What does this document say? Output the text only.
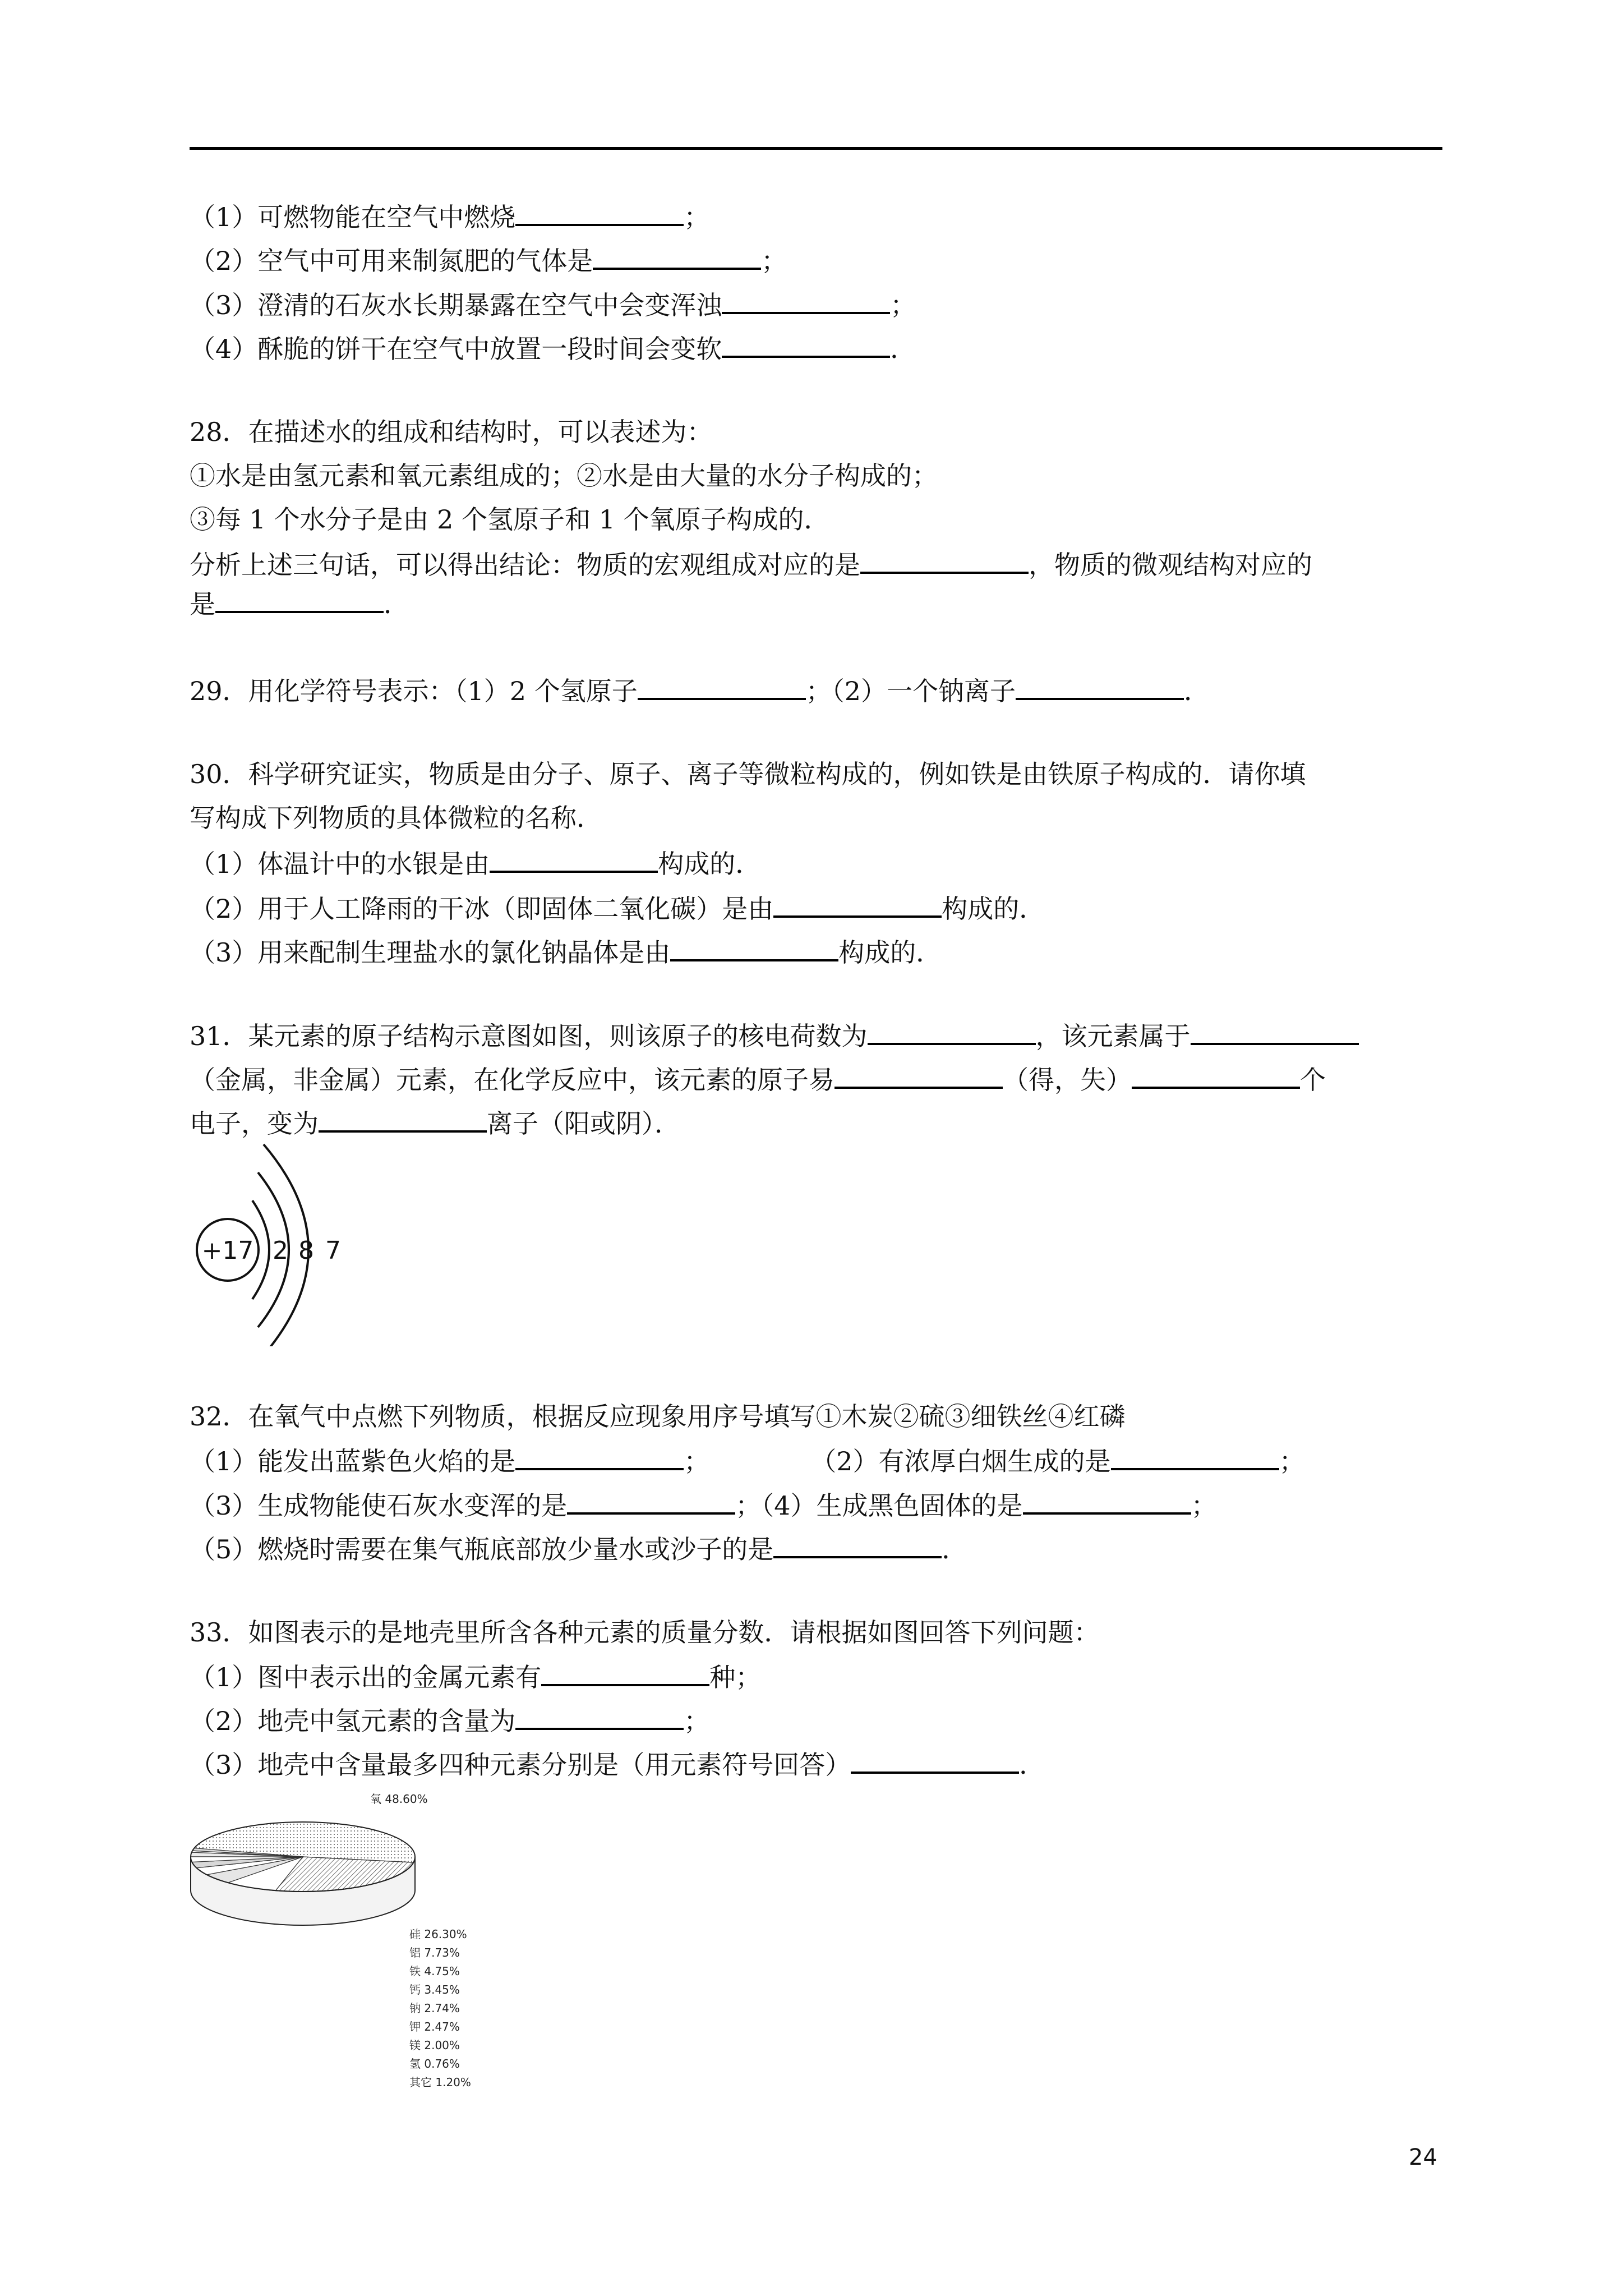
（1）可燃物能在空气中燃烧	；
（2）空气中可用来制氮肥的气体是	；
（3）澄清的石灰水长期暴露在空气中会变浑浊	；
（4）酥脆的饼干在空气中放置一段时间会变软	．
28．在描述水的组成和结构时，可以表述为：
①水是由氢元素和氧元素组成的；②水是由大量的水分子构成的；
③每 1 个水分子是由 2 个氢原子和 1 个氧原子构成的．
分析上述三句话，可以得出结论：物质的宏观组成对应的是	，物质的微观结构对应的
是	．
29．用化学符号表示：（1）2 个氢原子	；（2）一个钠离子	．
30．科学研究证实，物质是由分子、原子、离子等微粒构成的，例如铁是由铁原子构成的．请你填
写构成下列物质的具体微粒的名称．
（1）体温计中的水银是由	构成的．
（2）用于人工降雨的干冰（即固体二氧化碳）是由	构成的．
（3）用来配制生理盐水的氯化钠晶体是由	构成的．
31．某元素的原子结构示意图如图，则该原子的核电荷数为	，该元素属于
（金属，非金属）元素，在化学反应中，该元素的原子易	（得，失）	个
电子，变为	离子（阳或阴）．
+17 2 8 7
32．在氧气中点燃下列物质，根据反应现象用序号填写①木炭②硫③细铁丝④红磷
（1）能发出蓝紫色火焰的是	；	（2）有浓厚白烟生成的是	；
（3）生成物能使石灰水变浑的是	；（4）生成黑色固体的是	；
（5）燃烧时需要在集气瓶底部放少量水或沙子的是	．
33．如图表示的是地壳里所含各种元素的质量分数．请根据如图回答下列问题：
（1）图中表示出的金属元素有	种；
（2）地壳中氢元素的含量为	；
（3）地壳中含量最多四种元素分别是（用元素符号回答）	．
氧 48.60%
硅 26.30%
铝 7.73%
铁 4.75%
钙 3.45%
钠 2.74%
钾 2.47%
镁 2.00%
氢 0.76%
其它 1.20%
24
